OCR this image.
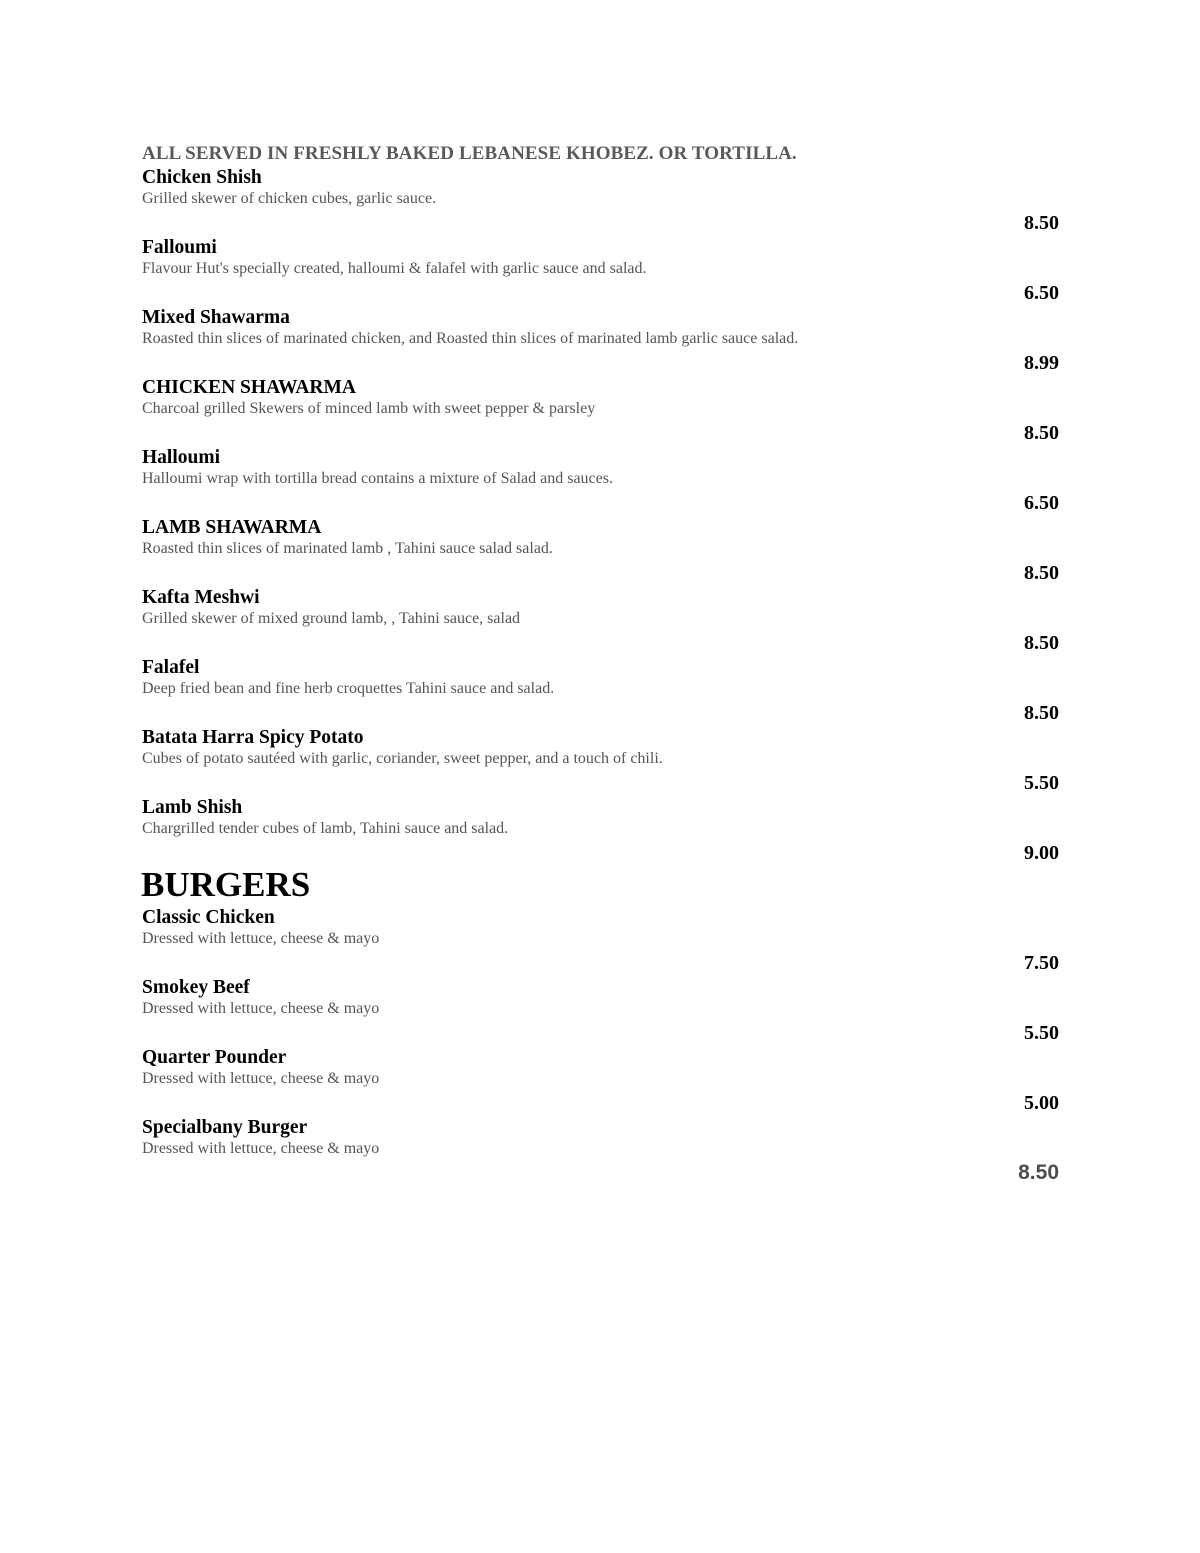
ALL SERVED IN FRESHLY BAKED LEBANESE KHOBEZ. OR TORTILLA.
Chicken Shish
Grilled skewer of chicken cubes, garlic sauce.
8.50
Falloumi
Flavour Hut's specially created, halloumi & falafel with garlic sauce and salad.
6.50
Mixed Shawarma
Roasted thin slices of marinated chicken, and Roasted thin slices of marinated lamb garlic sauce salad.
8.99
CHICKEN SHAWARMA
Charcoal grilled Skewers of minced lamb with sweet pepper & parsley
8.50
Halloumi
Halloumi wrap with tortilla bread contains a mixture of Salad and sauces.
6.50
LAMB SHAWARMA
Roasted thin slices of marinated lamb , Tahini sauce salad salad.
8.50
Kafta Meshwi
Grilled skewer of mixed ground lamb, , Tahini sauce, salad
8.50
Falafel
Deep fried bean and fine herb croquettes Tahini sauce and salad.
8.50
Batata Harra Spicy Potato
Cubes of potato sautéed with garlic, coriander, sweet pepper, and a touch of chili.
5.50
Lamb Shish
Chargrilled tender cubes of lamb, Tahini sauce and salad.
9.00
BURGERS
Classic Chicken
Dressed with lettuce, cheese & mayo
7.50
Smokey Beef
Dressed with lettuce, cheese & mayo
5.50
Quarter Pounder
Dressed with lettuce, cheese & mayo
5.00
Specialbany Burger
Dressed with lettuce, cheese & mayo
8.50
